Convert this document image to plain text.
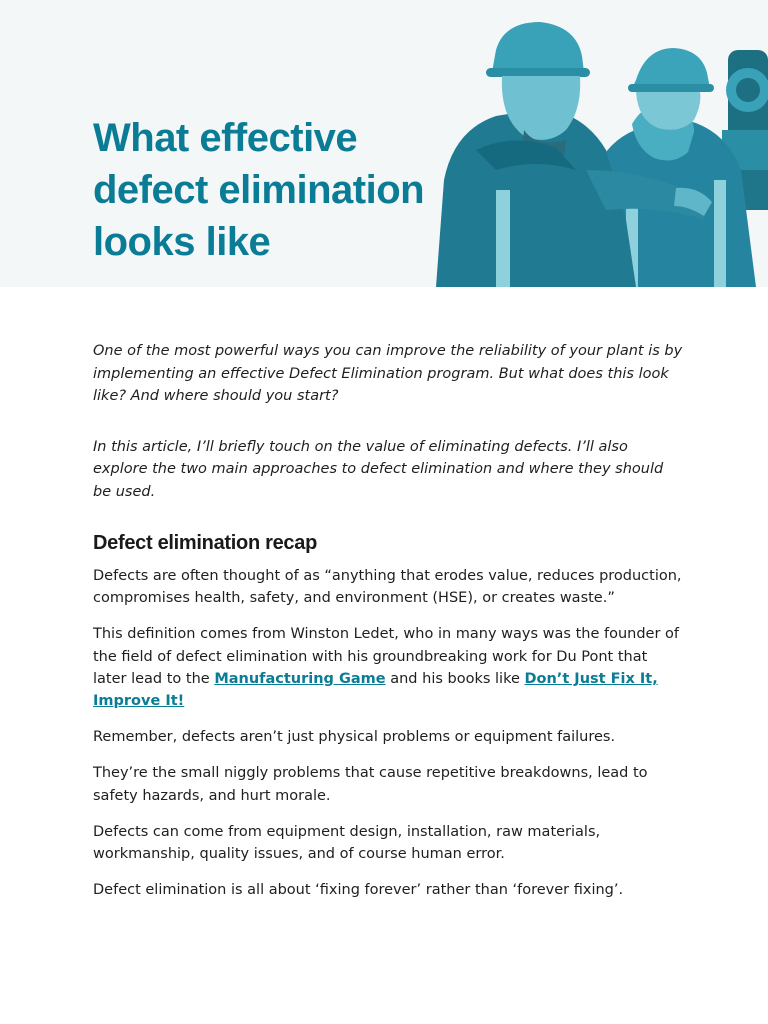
What effective defect elimination looks like

One of the most powerful ways you can improve the reliability of your plant is by implementing an effective Defect Elimination program. But what does this look like? And where should you start?

In this article, I’ll briefly touch on the value of eliminating defects. I’ll also explore the two main approaches to defect elimination and where they should be used.

Defect elimination recap

Defects are often thought of as “anything that erodes value, reduces production, compromises health, safety, and environment (HSE), or creates waste.”

This definition comes from Winston Ledet, who in many ways was the founder of the field of defect elimination with his groundbreaking work for Du Pont that later lead to the Manufacturing Game and his books like Don’t Just Fix It, Improve It!

Remember, defects aren’t just physical problems or equipment failures.

They’re the small niggly problems that cause repetitive breakdowns, lead to safety hazards, and hurt morale.

Defects can come from equipment design, installation, raw materials, workmanship, quality issues, and of course human error.

Defect elimination is all about ‘fixing forever’ rather than ‘forever fixing’.
